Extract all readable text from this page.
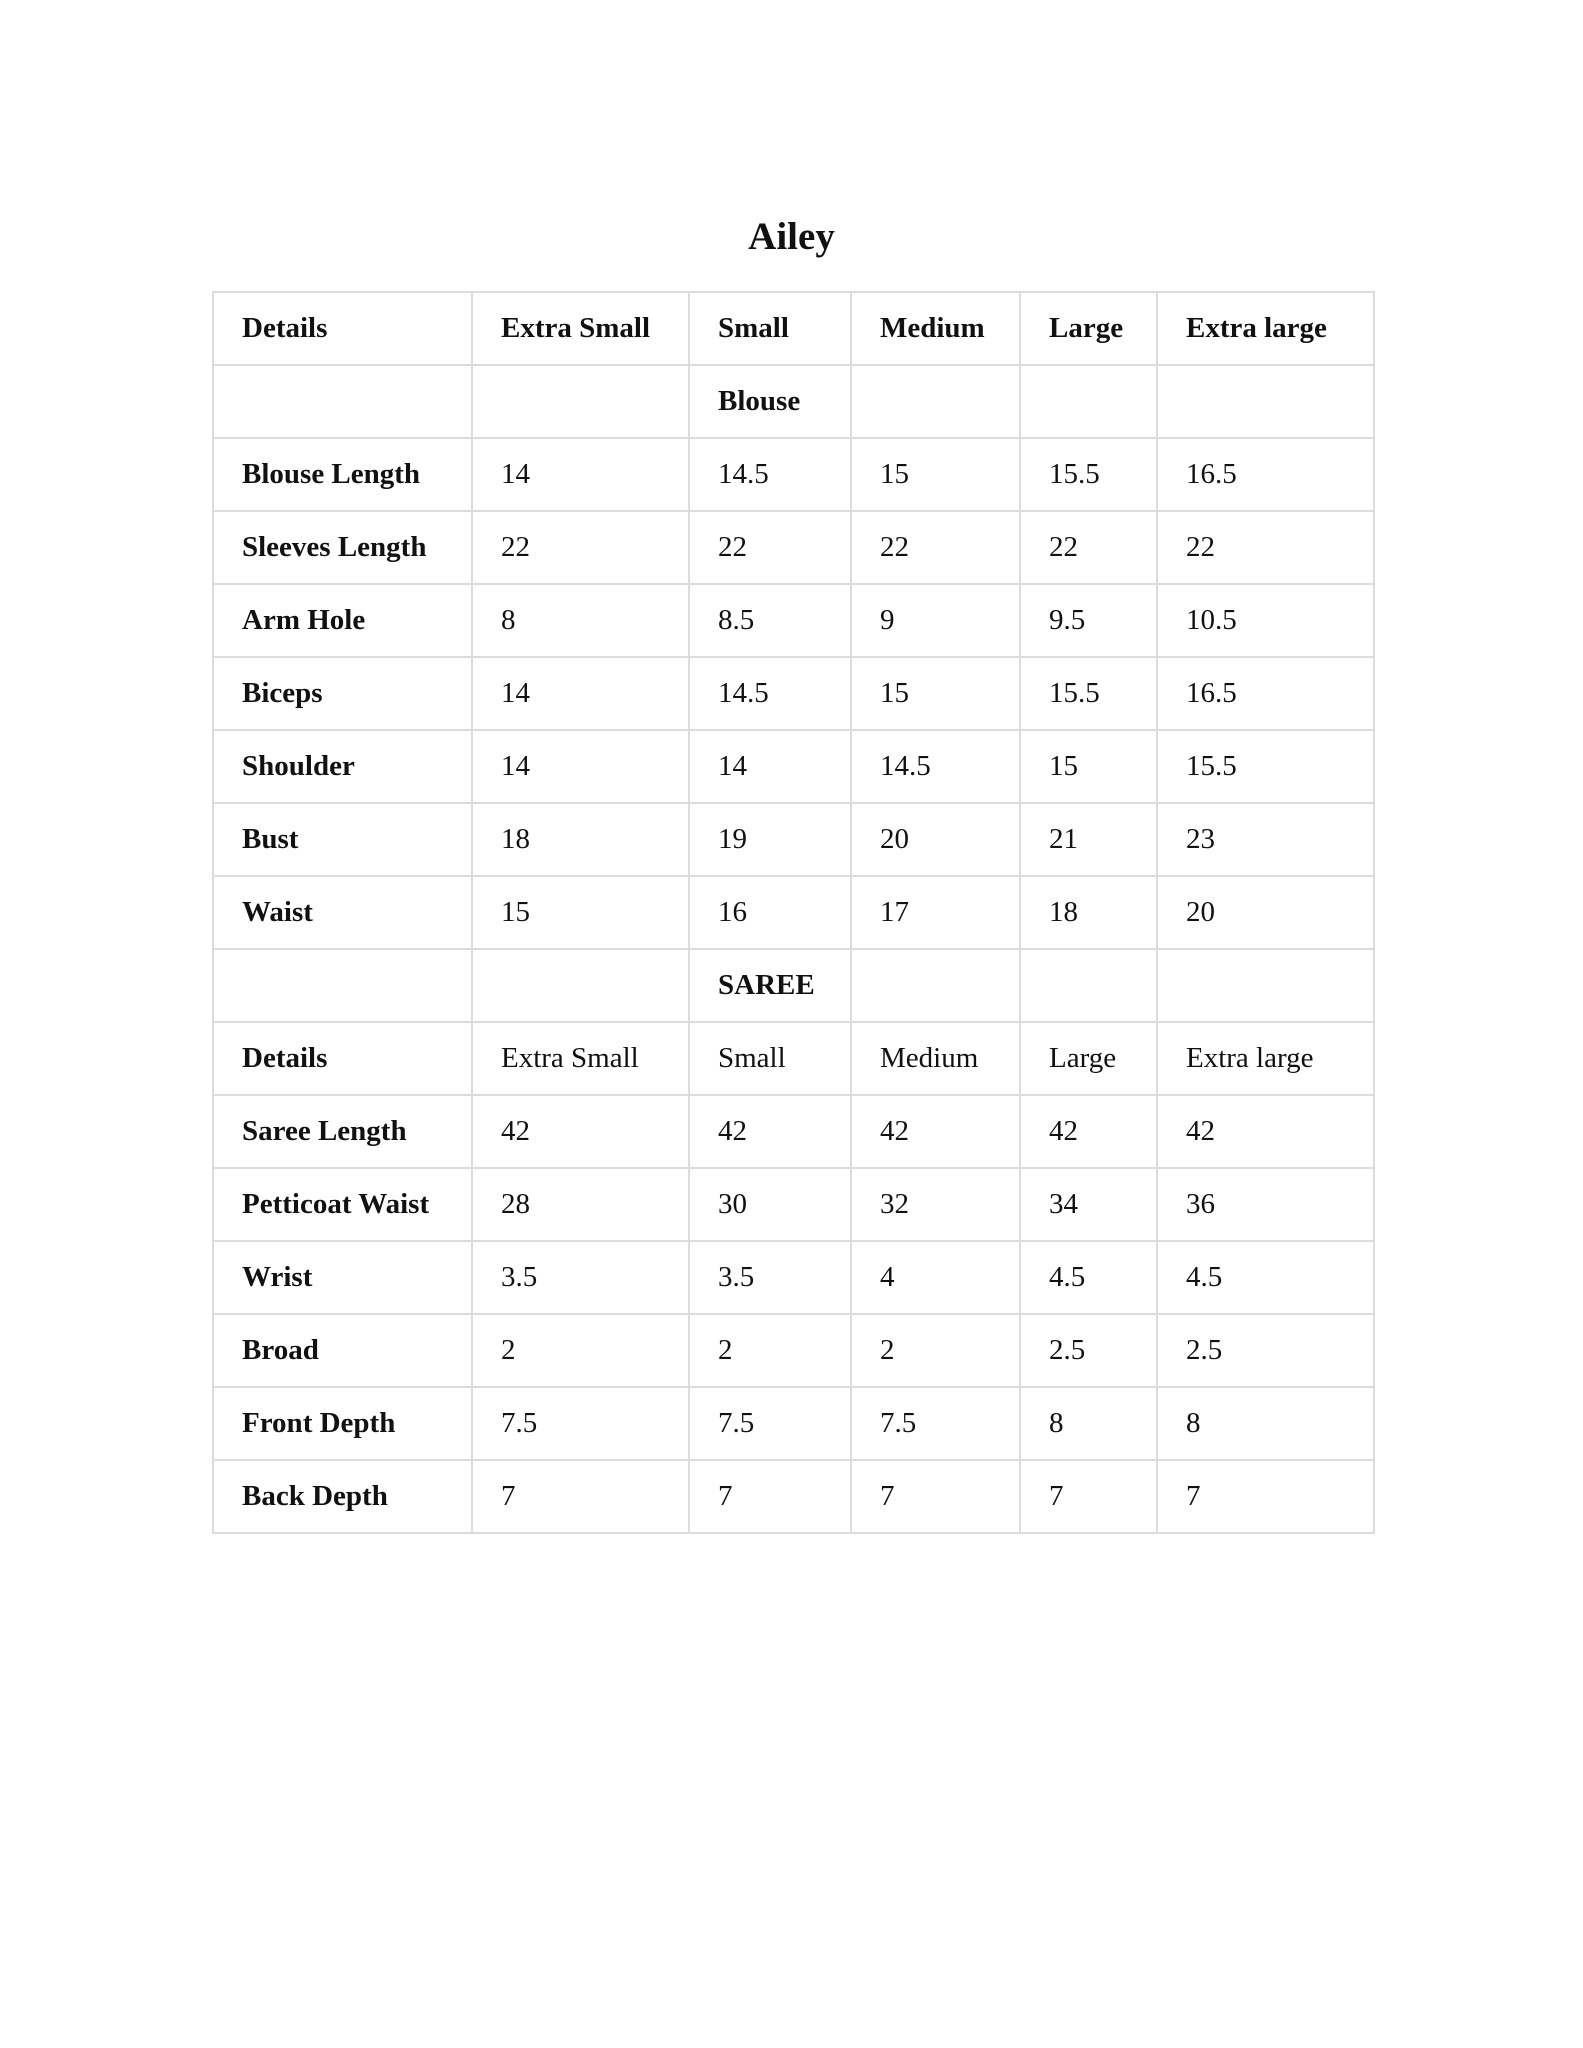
Ailey
Details	Extra Small	Small	Medium	Large	Extra large
		Blouse			
Blouse Length	14	14.5	15	15.5	16.5
Sleeves Length	22	22	22	22	22
Arm Hole	8	8.5	9	9.5	10.5
Biceps	14	14.5	15	15.5	16.5
Shoulder	14	14	14.5	15	15.5
Bust	18	19	20	21	23
Waist	15	16	17	18	20
		SAREE			
Details	Extra Small	Small	Medium	Large	Extra large
Saree Length	42	42	42	42	42
Petticoat Waist	28	30	32	34	36
Wrist	3.5	3.5	4	4.5	4.5
Broad	2	2	2	2.5	2.5
Front Depth	7.5	7.5	7.5	8	8
Back Depth	7	7	7	7	7
